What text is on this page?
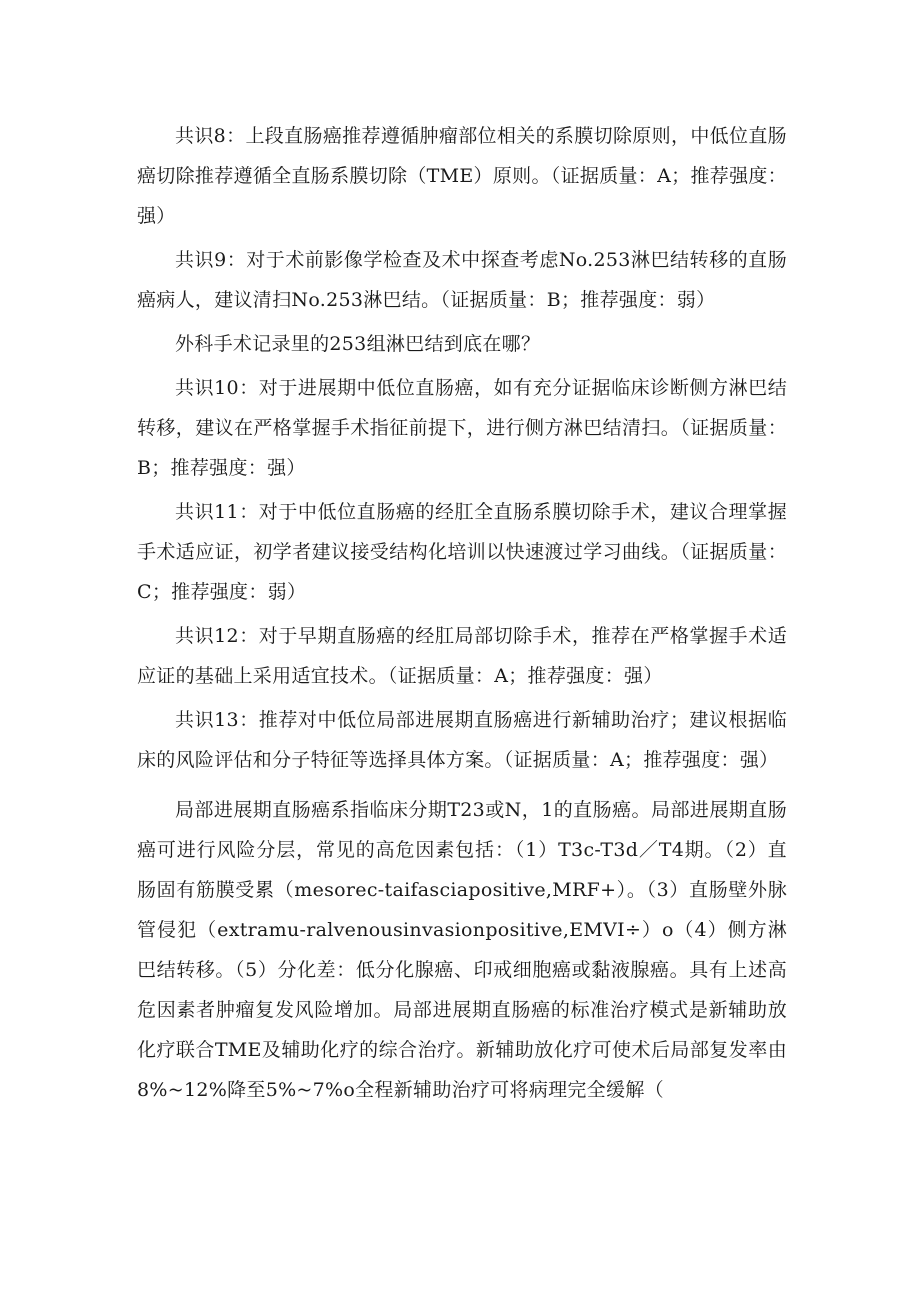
共识8：上段直肠癌推荐遵循肿瘤部位相关的系膜切除原则，中低位直肠癌切除推荐遵循全直肠系膜切除（TME）原则。（证据质量：A；推荐强度：强）

共识9：对于术前影像学检查及术中探查考虑No.253淋巴结转移的直肠癌病人，建议清扫No.253淋巴结。（证据质量：B；推荐强度：弱）

外科手术记录里的253组淋巴结到底在哪？

共识10：对于进展期中低位直肠癌，如有充分证据临床诊断侧方淋巴结转移，建议在严格掌握手术指征前提下，进行侧方淋巴结清扫。（证据质量：B；推荐强度：强）

共识11：对于中低位直肠癌的经肛全直肠系膜切除手术，建议合理掌握手术适应证，初学者建议接受结构化培训以快速渡过学习曲线。（证据质量：C；推荐强度：弱）

共识12：对于早期直肠癌的经肛局部切除手术，推荐在严格掌握手术适应证的基础上采用适宜技术。（证据质量：A；推荐强度：强）

共识13：推荐对中低位局部进展期直肠癌进行新辅助治疗；建议根据临床的风险评估和分子特征等选择具体方案。（证据质量：A；推荐强度：强）

局部进展期直肠癌系指临床分期T23或N，1的直肠癌。局部进展期直肠癌可进行风险分层，常见的高危因素包括：（1）T3c-T3d／T4期。（2）直肠固有筋膜受累（mesorec-taifasciapositive,MRF+）。（3）直肠壁外脉管侵犯（extramu-ralvenousinvasionpositive,EMVI÷）o（4）侧方淋巴结转移。（5）分化差：低分化腺癌、印戒细胞癌或黏液腺癌。具有上述高危因素者肿瘤复发风险增加。局部进展期直肠癌的标准治疗模式是新辅助放化疗联合TME及辅助化疗的综合治疗。新辅助放化疗可使术后局部复发率由8%~12%降至5%~7%o全程新辅助治疗可将病理完全缓解（
